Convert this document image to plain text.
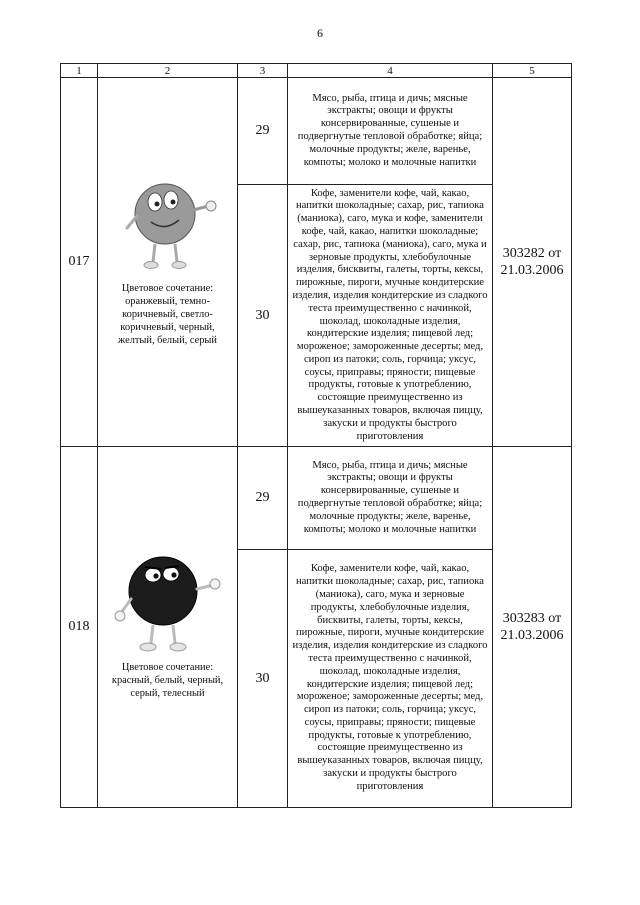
6
1	2	3	4	5
017	Цветовое сочетание: оранжевый, темно-коричневый, светло-коричневый, черный, желтый, белый, серый	29	Мясо, рыба, птица и дичь; мясные экстракты; овощи и фрукты консервированные, сушеные и подвергнутые тепловой обработке; яйца; молочные продукты; желе, варенье, компоты; молоко и молочные напитки	303282 от 21.03.2006
		30	Кофе, заменители кофе, чай, какао, напитки шоколадные; сахар, рис, тапиока (маниока), саго, мука и кофе, заменители кофе, чай, какао, напитки шоколадные; сахар, рис, тапиока (маниока), саго, мука и зерновые продукты, хлебобулочные изделия, бисквиты, галеты, торты, кексы, пирожные, пироги, мучные кондитерские изделия, изделия кондитерские из сладкого теста преимущественно с начинкой, шоколад, шоколадные изделия, кондитерские изделия; пищевой лед; мороженое; замороженные десерты; мед, сироп из патоки; соль, горчица; уксус, соусы, приправы; пряности; пищевые продукты, готовые к употреблению, состоящие преимущественно из вышеуказанных товаров, включая пиццу, закуски и продукты быстрого приготовления	
018	Цветовое сочетание: красный, белый, черный, серый, телесный	29	Мясо, рыба, птица и дичь; мясные экстракты; овощи и фрукты консервированные, сушеные и подвергнутые тепловой обработке; яйца; молочные продукты; желе, варенье, компоты; молоко и молочные напитки	303283 от 21.03.2006
		30	Кофе, заменители кофе, чай, какао, напитки шоколадные; сахар, рис, тапиока (маниока), саго, мука и зерновые продукты, хлебобулочные изделия, бисквиты, галеты, торты, кексы, пирожные, пироги, мучные кондитерские изделия, изделия кондитерские из сладкого теста преимущественно с начинкой, шоколад, шоколадные изделия, кондитерские изделия; пищевой лед; мороженое; замороженные десерты; мед, сироп из патоки; соль, горчица; уксус, соусы, приправы; пряности; пищевые продукты, готовые к употреблению, состоящие преимущественно из вышеуказанных товаров, включая пиццу, закуски и продукты быстрого приготовления	
